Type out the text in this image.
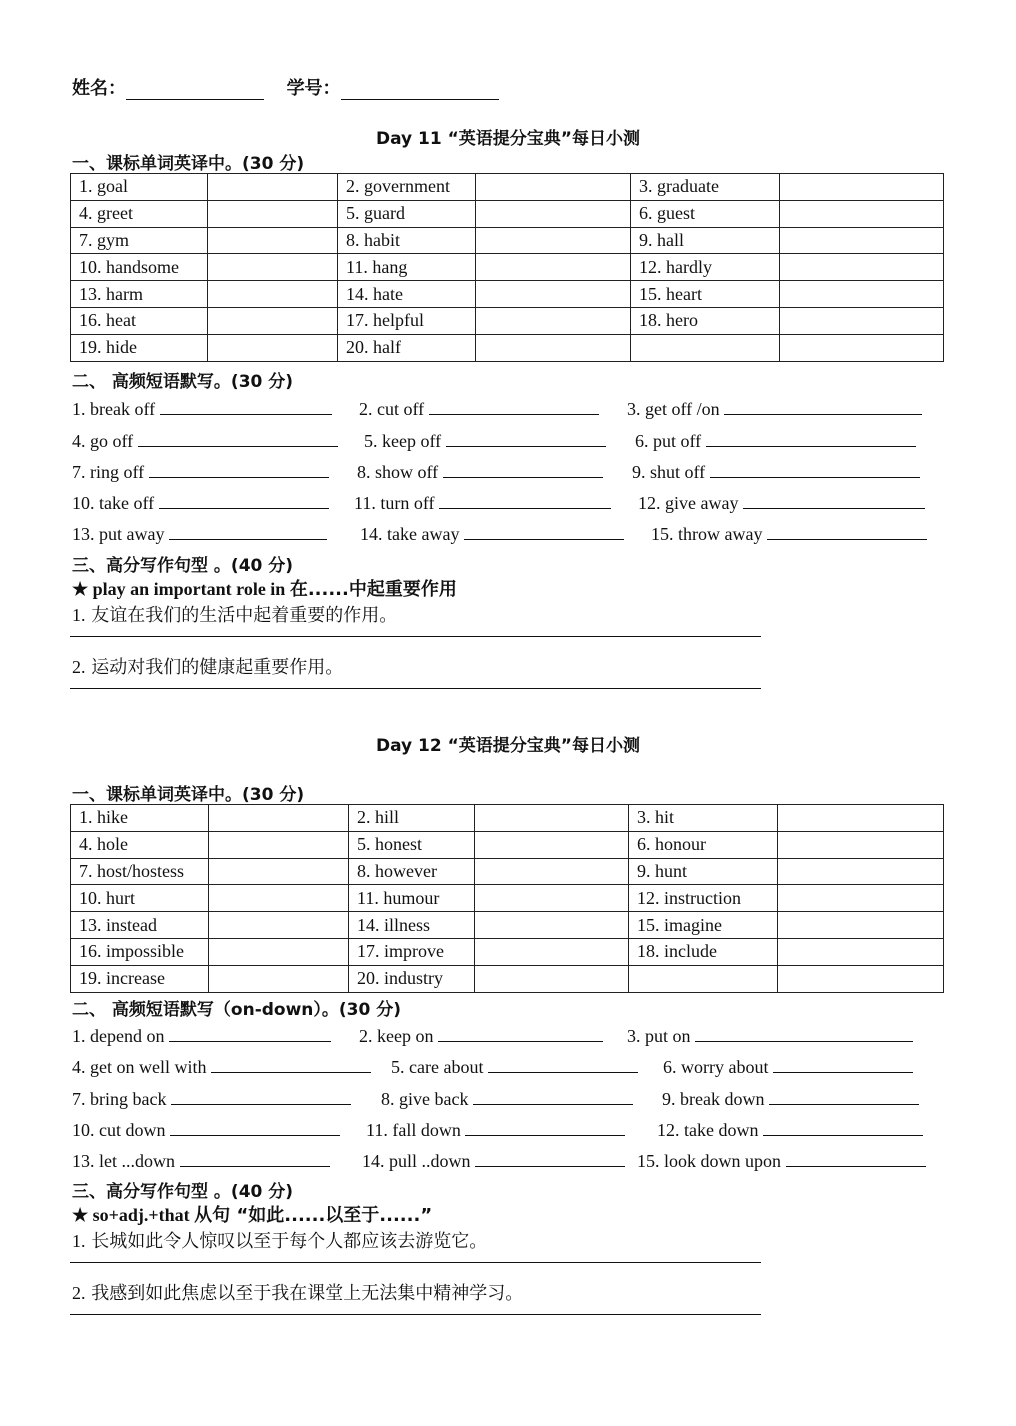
姓名：	学号：
Day 11 “英语提分宝典”每日小测
一、课标单词英译中。(30 分)
1. goal		2. government		3. graduate	
4. greet		5. guard		6. guest	
7. gym		8. habit		9. hall	
10. handsome		11. hang		12. hardly	
13. harm		14. hate		15. heart	
16. heat		17. helpful		18. hero	
19. hide		20. half			
二、 高频短语默写。(30 分)
1. break off	2. cut off	3. get off /on
4. go off	5. keep off	6. put off
7. ring off	8. show off	9. shut off
10. take off	11. turn off	12. give away
13. put away	14. take away	15. throw away
三、高分写作句型 。(40 分)
★ play an important role in 在......中起重要作用
1. 友谊在我们的生活中起着重要的作用。
2. 运动对我们的健康起重要作用。
Day 12 “英语提分宝典”每日小测
一、课标单词英译中。(30 分)
1. hike		2. hill		3. hit	
4. hole		5. honest		6. honour	
7. host/hostess		8. however		9. hunt	
10. hurt		11. humour		12. instruction	
13. instead		14. illness		15. imagine	
16. impossible		17. improve		18. include	
19. increase		20. industry			
二、 高频短语默写（on-down）。(30 分)
1. depend on	2. keep on	3. put on
4. get on well with	5. care about	6. worry about
7. bring back	8. give back	9. break down
10. cut down	11. fall down	12. take down
13. let ...down	14. pull ..down	15. look down upon
三、高分写作句型 。(40 分)
★ so+adj.+that 从句 “如此......以至于......”
1. 长城如此令人惊叹以至于每个人都应该去游览它。
2. 我感到如此焦虑以至于我在课堂上无法集中精神学习。
